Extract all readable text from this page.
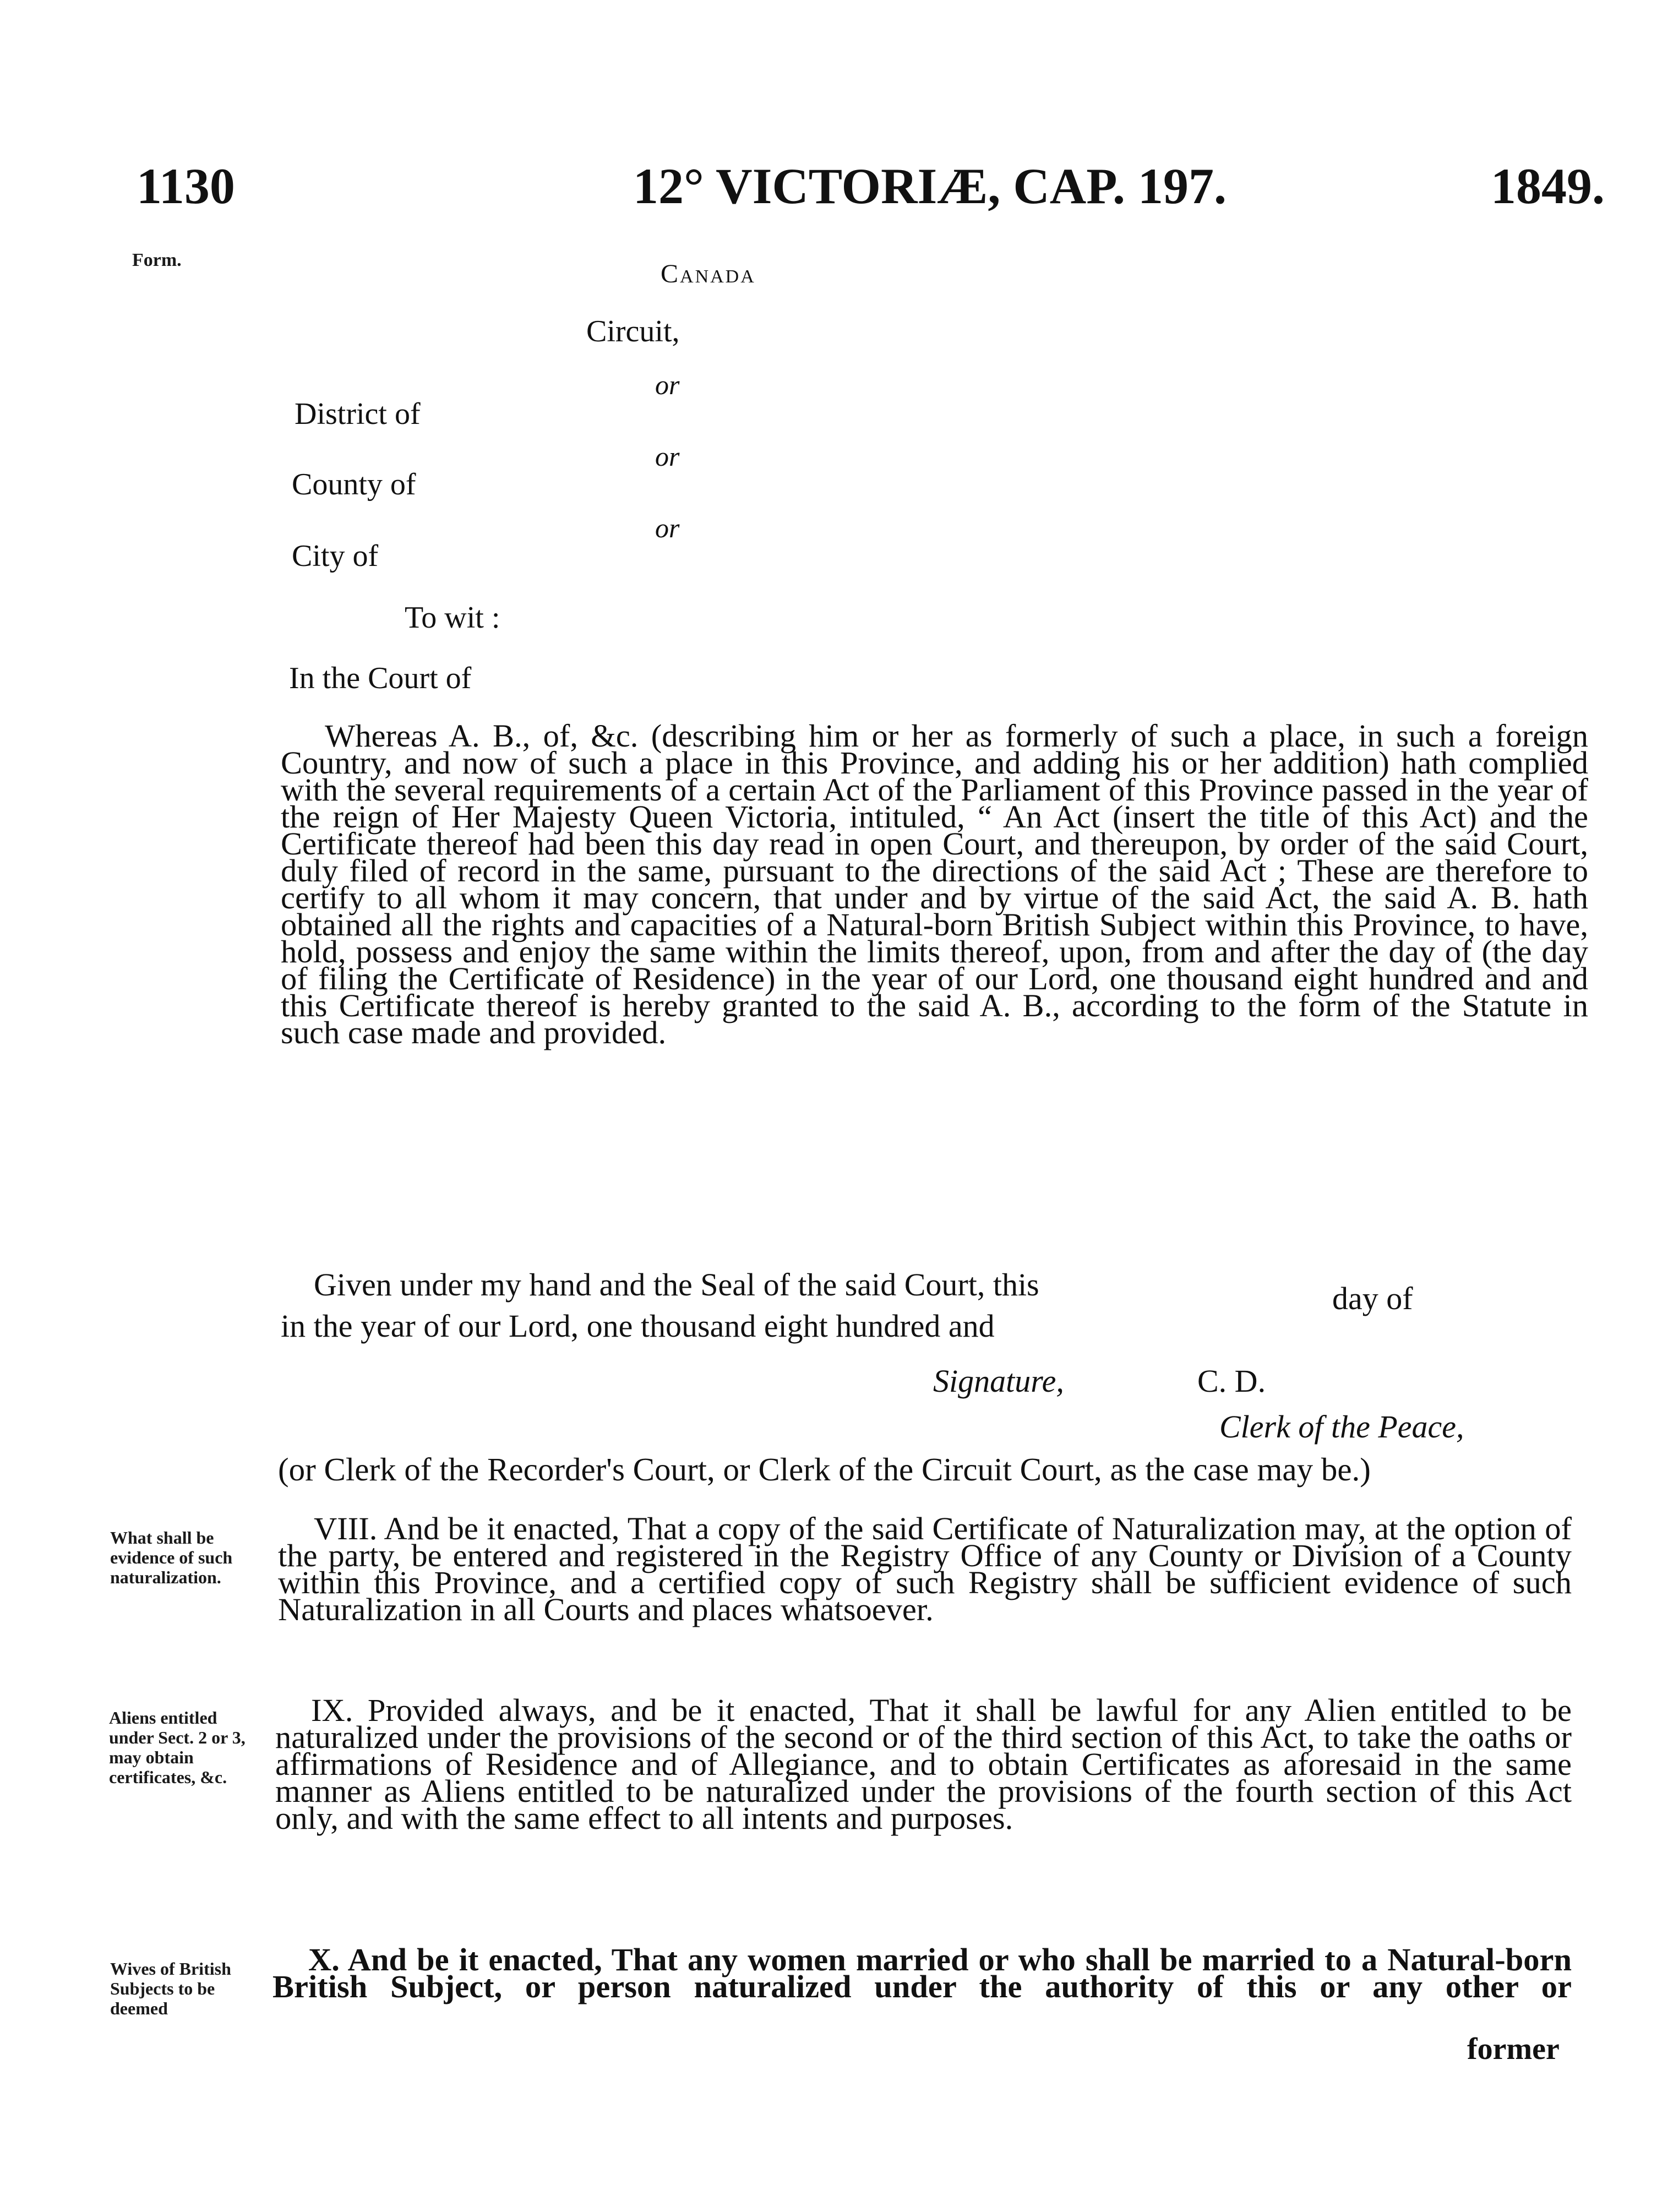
1130	12° VICTORIÆ, CAP. 197.	1849.
Form.	Canada
Circuit,
or
District of
or
County of
or
City of
To wit :
In the Court of
Whereas A. B., of, &c. (describing him or her as formerly of such a place, in such a foreign Country, and now of such a place in this Province, and adding his or her addition) hath complied with the several requirements of a certain Act of the Parliament of this Province passed in the year of the reign of Her Majesty Queen Victoria, intituled, “ An Act (insert the title of this Act) and the Certificate thereof had been this day read in open Court, and thereupon, by order of the said Court, duly filed of record in the same, pursuant to the directions of the said Act ; These are therefore to certify to all whom it may concern, that under and by virtue of the said Act, the said A. B. hath obtained all the rights and capacities of a Natural-born British Subject within this Province, to have, hold, possess and enjoy the same within the limits thereof, upon, from and after the day of (the day of filing the Certificate of Residence) in the year of our Lord, one thousand eight hundred and and this Certificate thereof is hereby granted to the said A. B., according to the form of the Statute in such case made and provided.
Given under my hand and the Seal of the said Court, this	day of
in the year of our Lord, one thousand eight hundred and
Signature,	C. D.
Clerk of the Peace,
(or Clerk of the Recorder's Court, or Clerk of the Circuit Court, as the case may be.)
What shall be evidence of such naturalization.
VIII. And be it enacted, That a copy of the said Certificate of Naturalization may, at the option of the party, be entered and registered in the Registry Office of any County or Division of a County within this Province, and a certified copy of such Registry shall be sufficient evidence of such Naturalization in all Courts and places whatsoever.
Aliens entitled under Sect. 2 or 3, may obtain certificates, &c.
IX. Provided always, and be it enacted, That it shall be lawful for any Alien entitled to be naturalized under the provisions of the second or of the third section of this Act, to take the oaths or affirmations of Residence and of Allegiance, and to obtain Certificates as aforesaid in the same manner as Aliens entitled to be naturalized under the provisions of the fourth section of this Act only, and with the same effect to all intents and purposes.
Wives of British Subjects to be deemed
X. And be it enacted, That any women married or who shall be married to a Natural-born British Subject, or person naturalized under the authority of this or any other or
former
